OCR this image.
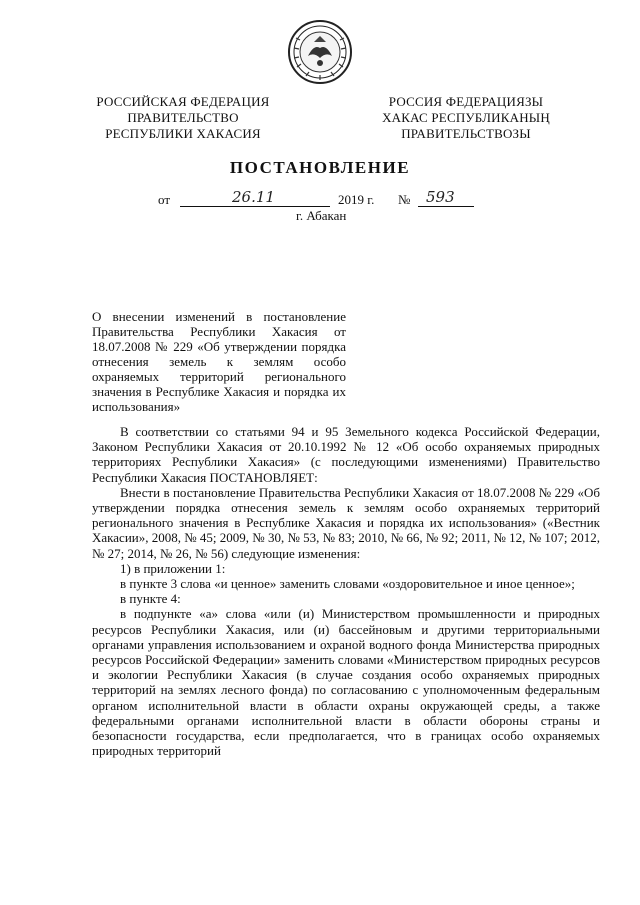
РОССИЙСКАЯ ФЕДЕРАЦИЯ
ПРАВИТЕЛЬСТВО
РЕСПУБЛИКИ ХАКАСИЯ
РОССИЯ ФЕДЕРАЦИЯЗЫ
ХАКАС РЕСПУБЛИКАНЫҢ
ПРАВИТЕЛЬСТВОЗЫ
ПОСТАНОВЛЕНИЕ
от	26.11	2019 г. № 593
г. Абакан
О внесении изменений в постановление Правительства Республики Хакасия от 18.07.2008 № 229 «Об утверждении порядка отнесения земель к землям особо охраняемых территорий регионального значения в Республике Хакасия и порядка их использования»

В соответствии со статьями 94 и 95 Земельного кодекса Российской Федерации, Законом Республики Хакасия от 20.10.1992 № 12 «Об особо охраняемых природных территориях Республики Хакасия» (с последующими изменениями) Правительство Республики Хакасия ПОСТАНОВЛЯЕТ:

Внести в постановление Правительства Республики Хакасия от 18.07.2008 № 229 «Об утверждении порядка отнесения земель к землям особо охраняемых территорий регионального значения в Республике Хакасия и порядка их использования» («Вестник Хакасии», 2008, № 45; 2009, № 30, № 53, № 83; 2010, № 66, № 92; 2011, № 12, № 107; 2012, № 27; 2014, № 26, № 56) следующие изменения:

1) в приложении 1:

в пункте 3 слова «и ценное» заменить словами «оздоровительное и иное ценное»;

в пункте 4:

в подпункте «а» слова «или (и) Министерством промышленности и природных ресурсов Республики Хакасия, или (и) бассейновым и другими территориальными органами управления использованием и охраной водного фонда Министерства природных ресурсов Российской Федерации» заменить словами «Министерством природных ресурсов и экологии Республики Хакасия (в случае создания особо охраняемых природных территорий на землях лесного фонда) по согласованию с уполномоченным федеральным органом исполнительной власти в области охраны окружающей среды, а также федеральными органами исполнительной власти в области обороны страны и безопасности государства, если предполагается, что в границах особо охраняемых природных территорий
